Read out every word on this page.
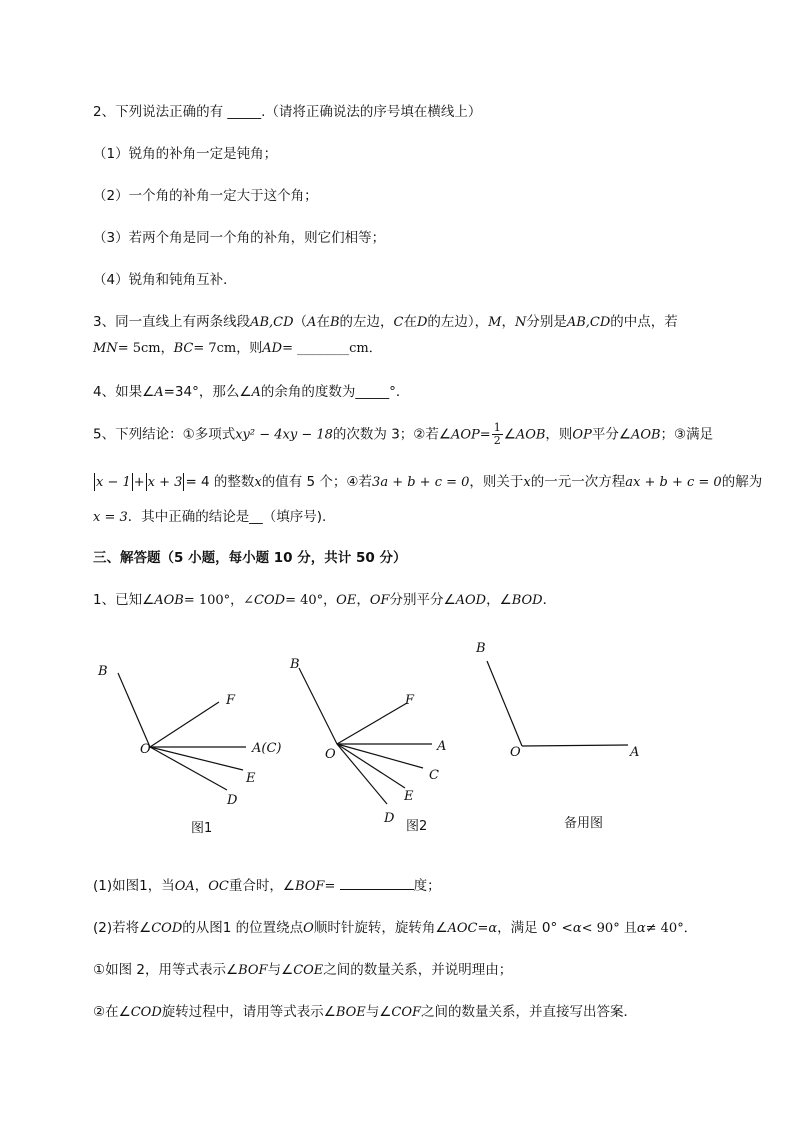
2、下列说法正确的有 _____.（请将正确说法的序号填在横线上）
（1）锐角的补角一定是钝角；
（2）一个角的补角一定大于这个角；
（3）若两个角是同一个角的补角，则它们相等；
（4）锐角和钝角互补．
3、同一直线上有两条线段AB,CD（A在B的左边，C在D的左边），M，N分别是AB,CD的中点，若
MN= 5cm，BC= 7cm，则AD= ________cm．
4、如果∠A=34°，那么∠A的余角的度数为_____°．
5、下列结论：①多项式xy² − 4xy − 18的次数为 3；②若∠AOP= $\frac{1}{2}$ ∠AOB，则OP平分∠AOB；③满足
x − 1 + x + 3 = 4 的整数x的值有 5 个；④若3a + b + c = 0，则关于x的一元一次方程ax + b + c = 0的解为
x = 3．其中正确的结论是__（填序号).
三、解答题（5 小题，每小题 10 分，共计 50 分）
1、已知∠AOB= 100°，∠COD= 40°，OE，OF分别平分∠AOD，∠BOD．
B
F
O	A(C)
E
D
图1
B
F
O
A
C
E
D
图2
B
O	A
备用图
(1)如图1，当OA，OC重合时，∠BOF=	度；
(2)若将∠COD的从图1 的位置绕点O顺时针旋转，旋转角∠AOC=α，满足 0° <α< 90° 且α≠ 40°．
①如图 2，用等式表示∠BOF与∠COE之间的数量关系，并说明理由；
②在∠COD旋转过程中，请用等式表示∠BOE与∠COF之间的数量关系，并直接写出答案．
